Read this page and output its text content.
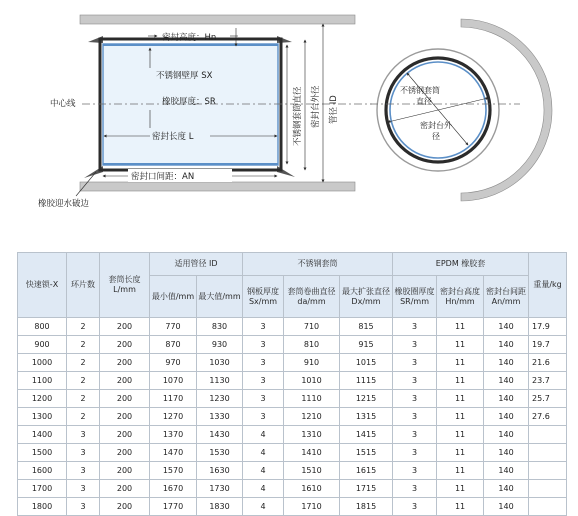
密封高度：Hn
不锈钢壁厚 SX
中心线	橡胶厚度：SR
密封长度 L
密封口间距：AN
橡胶迎水破边
不锈钢套筒直径 密封台外径 管径 ID
不锈钢套筒
直径
密封台外
径
快速锁-X	环片数	套筒长度 L/mm	适用管径 ID		不锈钢套筒			EPDM 橡胶套			重量/kg
			最小值/mm	最大值/mm	钢板厚度 Sx/mm	套筒卷曲直径 da/mm	最大扩张直径 Dx/mm	橡胶圈厚度 SR/mm	密封台高度 Hn/mm	密封台间距 An/mm	
800	2	200	770	830	3	710	815	3	11	140	17.9
900	2	200	870	930	3	810	915	3	11	140	19.7
1000	2	200	970	1030	3	910	1015	3	11	140	21.6
1100	2	200	1070	1130	3	1010	1115	3	11	140	23.7
1200	2	200	1170	1230	3	1110	1215	3	11	140	25.7
1300	2	200	1270	1330	3	1210	1315	3	11	140	27.6
1400	3	200	1370	1430	4	1310	1415	3	11	140	
1500	3	200	1470	1530	4	1410	1515	3	11	140	
1600	3	200	1570	1630	4	1510	1615	3	11	140	
1700	3	200	1670	1730	4	1610	1715	3	11	140	
1800	3	200	1770	1830	4	1710	1815	3	11	140	
